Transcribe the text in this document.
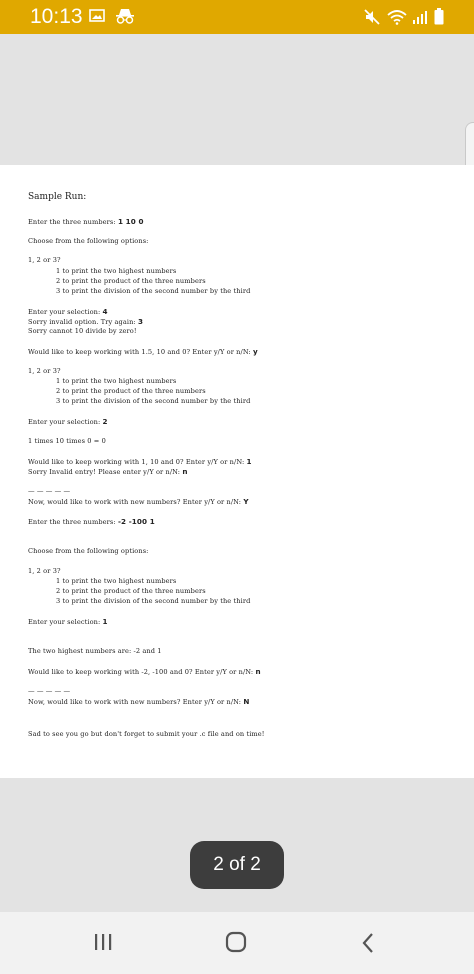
10:13
Sample Run:
Enter the three numbers: 1 10 0
Choose from the following options:
1, 2 or 3?
1 to print the two highest numbers
2 to print the product of the three numbers
3 to print the division of the second number by the third
Enter your selection: 4
Sorry invalid option. Try again: 3
Sorry cannot 10 divide by zero!
Would like to keep working with 1.5, 10 and 0? Enter y/Y or n/N: y
1, 2 or 3?
1 to print the two highest numbers
2 to print the product of the three numbers
3 to print the division of the second number by the third
Enter your selection: 2
1 times 10 times 0 = 0
Would like to keep working with 1, 10 and 0? Enter y/Y or n/N: 1
Sorry Invalid entry! Please enter y/Y or n/N: n
— — — — —
Now, would like to work with new numbers? Enter y/Y or n/N: Y
Enter the three numbers: -2 -100 1
Choose from the following options:
1, 2 or 3?
1 to print the two highest numbers
2 to print the product of the three numbers
3 to print the division of the second number by the third
Enter your selection: 1
The two highest numbers are: -2 and 1
Would like to keep working with -2, -100 and 0? Enter y/Y or n/N: n
— — — — —
Now, would like to work with new numbers? Enter y/Y or n/N: N
Sad to see you go but don't forget to submit your .c file and on time!
2 of 2
